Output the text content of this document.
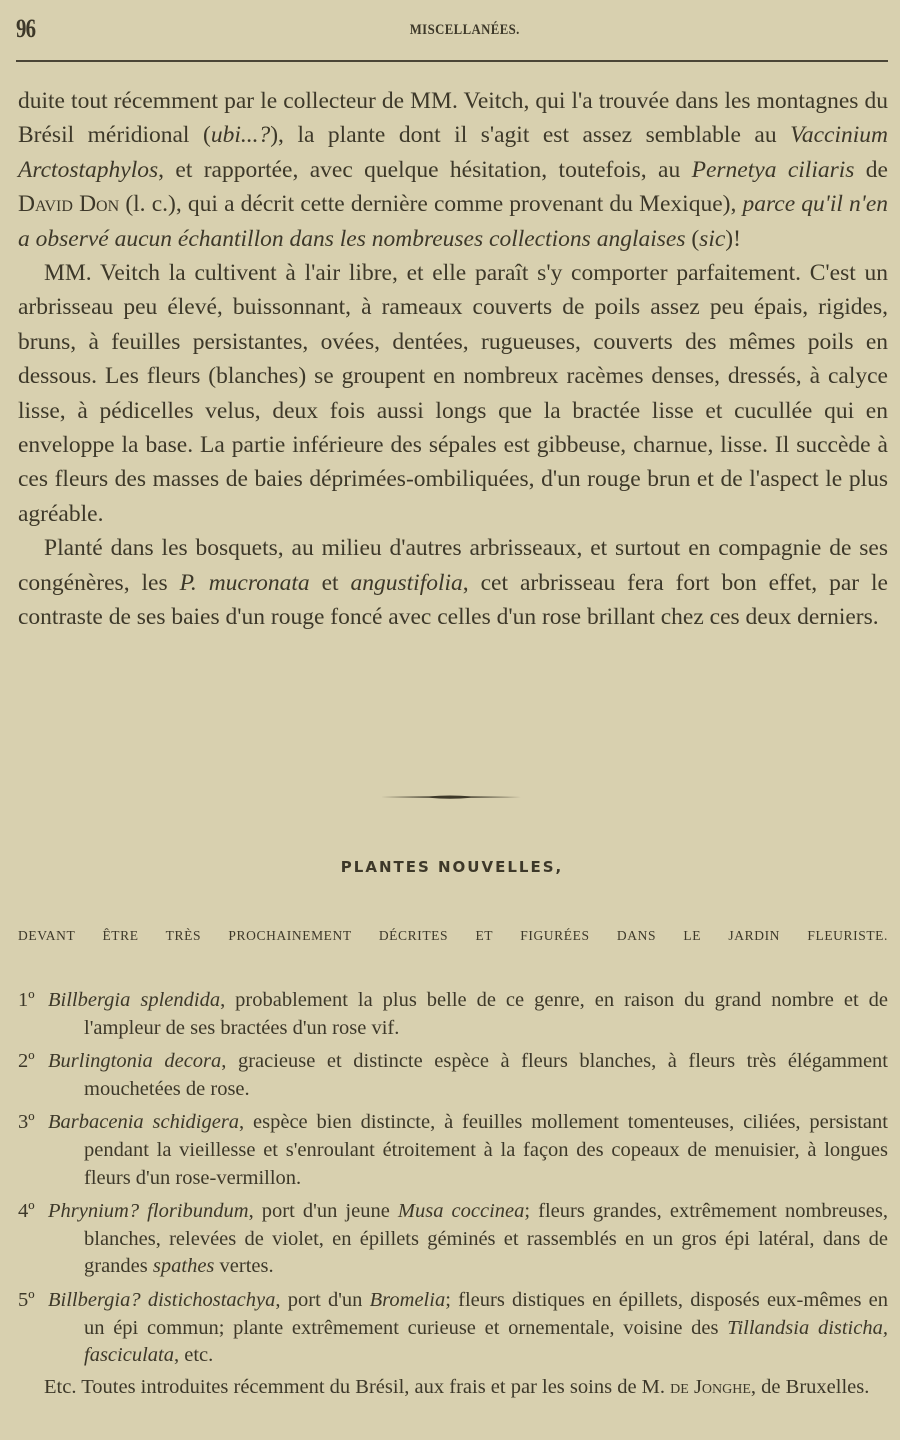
96	MISCELLANÉES.

duite tout récemment par le collecteur de MM. Veitch, qui l'a trouvée dans les montagnes du Brésil méridional (ubi...?), la plante dont il s'agit est assez semblable au Vaccinium Arctostaphylos, et rapportée, avec quelque hésitation, toutefois, au Pernetya ciliaris de David Don (l. c.), qui a décrit cette dernière comme provenant du Mexique), parce qu'il n'en a observé aucun échantillon dans les nombreuses collections anglaises (sic)!

MM. Veitch la cultivent à l'air libre, et elle paraît s'y comporter parfaitement. C'est un arbrisseau peu élevé, buissonnant, à rameaux couverts de poils assez peu épais, rigides, bruns, à feuilles persistantes, ovées, dentées, rugueuses, couverts des mêmes poils en dessous. Les fleurs (blanches) se groupent en nombreux racèmes denses, dressés, à calyce lisse, à pédicelles velus, deux fois aussi longs que la bractée lisse et cucullée qui en enveloppe la base. La partie inférieure des sépales est gibbeuse, charnue, lisse. Il succède à ces fleurs des masses de baies déprimées-ombiliquées, d'un rouge brun et de l'aspect le plus agréable.

Planté dans les bosquets, au milieu d'autres arbrisseaux, et surtout en compagnie de ses congénères, les P. mucronata et angustifolia, cet arbrisseau fera fort bon effet, par le contraste de ses baies d'un rouge foncé avec celles d'un rose brillant chez ces deux derniers.

PLANTES NOUVELLES,
DEVANT ÊTRE TRÈS PROCHAINEMENT DÉCRITES ET FIGURÉES DANS LE JARDIN FLEURISTE.
1º Billbergia splendida, probablement la plus belle de ce genre, en raison du grand nombre et de l'ampleur de ses bractées d'un rose vif.
2º Burlingtonia decora, gracieuse et distincte espèce à fleurs blanches, à fleurs très élégamment mouchetées de rose.
3º Barbacenia schidigera, espèce bien distincte, à feuilles mollement tomenteuses, ciliées, persistant pendant la vieillesse et s'enroulant étroitement à la façon des copeaux de menuisier, à longues fleurs d'un rose-vermillon.
4º Phrynium? floribundum, port d'un jeune Musa coccinea; fleurs grandes, extrêmement nombreuses, blanches, relevées de violet, en épillets géminés et rassemblés en un gros épi latéral, dans de grandes spathes vertes.
5º Billbergia? distichostachya, port d'un Bromelia; fleurs distiques en épillets, disposés eux-mêmes en un épi commun; plante extrêmement curieuse et ornementale, voisine des Tillandsia disticha, fasciculata, etc.

Etc. Toutes introduites récemment du Brésil, aux frais et par les soins de M. de Jonghe, de Bruxelles.
